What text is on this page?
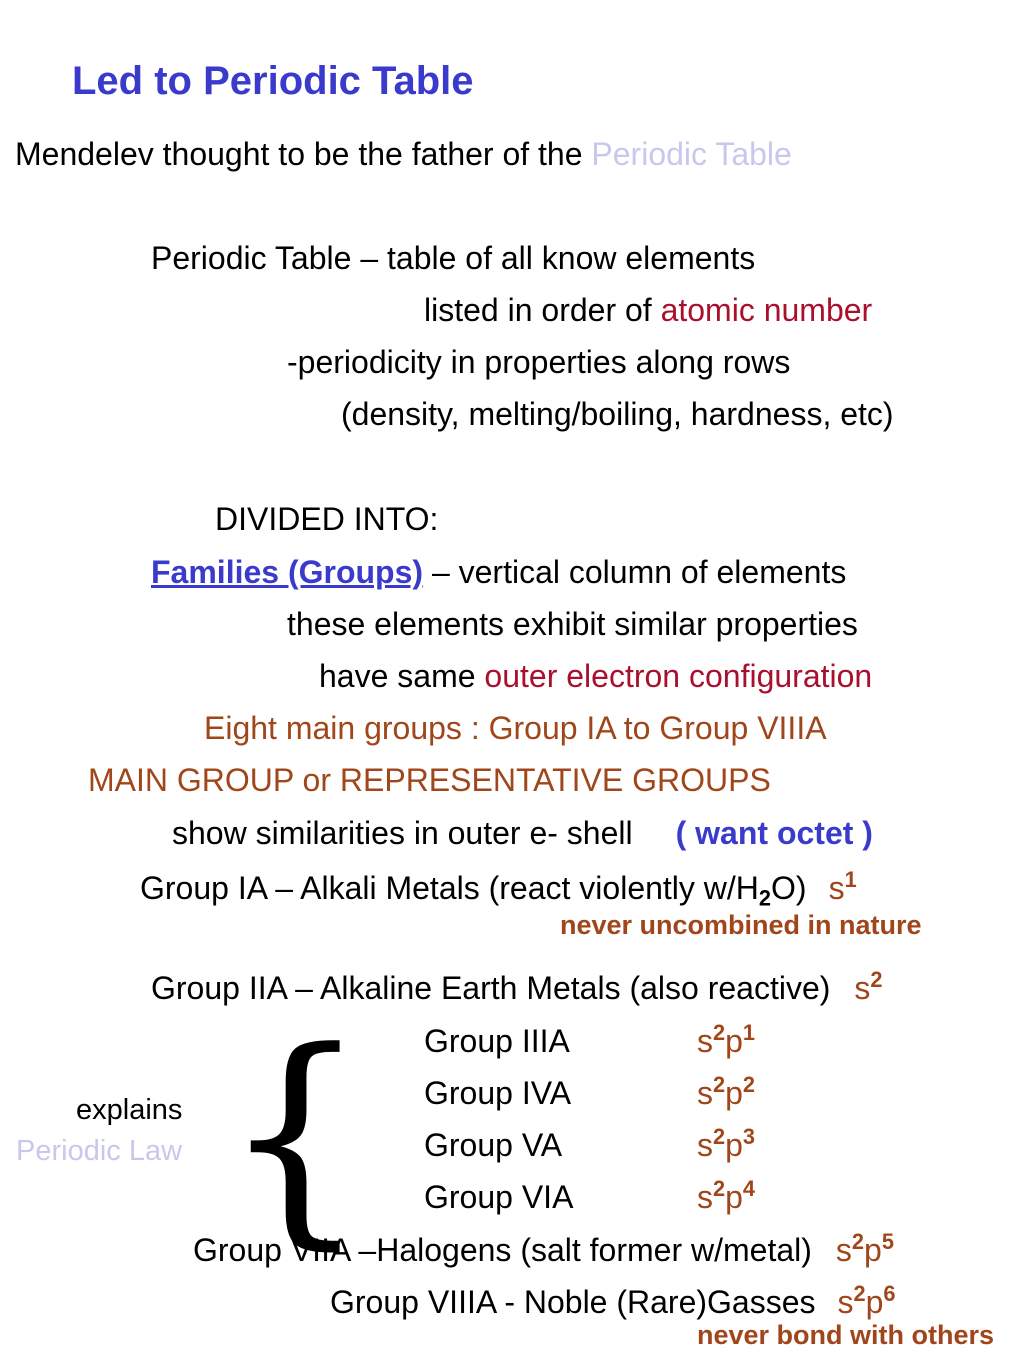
Led to Periodic Table
Mendelev thought to be the father of the Periodic Table
Periodic Table – table of all know elements
listed in order of atomic number
-periodicity in properties along rows
(density, melting/boiling, hardness, etc)
DIVIDED INTO:
Families (Groups) – vertical column of elements
these elements exhibit similar properties
have same outer electron configuration
Eight main groups : Group IA to Group VIIIA
MAIN GROUP or REPRESENTATIVE GROUPS
show similarities in outer e- shell ( want octet )
Group IA – Alkali Metals (react violently $w/H_2O$) $s^1$
never uncombined in nature
Group IIA – Alkaline Earth Metals (also reactive) $s^2$
Group IIIA	$s^2p^1$
Group IVA	$s^2p^2$
Group VA	$s^2p^3$
Group VIA	$s^2p^4$
{
explains
Periodic Law
Group VIIA –Halogens (salt former w/metal) $s^2p^5$
Group VIIIA - Noble (Rare)Gasses $s^2p^6$
never bond with others
